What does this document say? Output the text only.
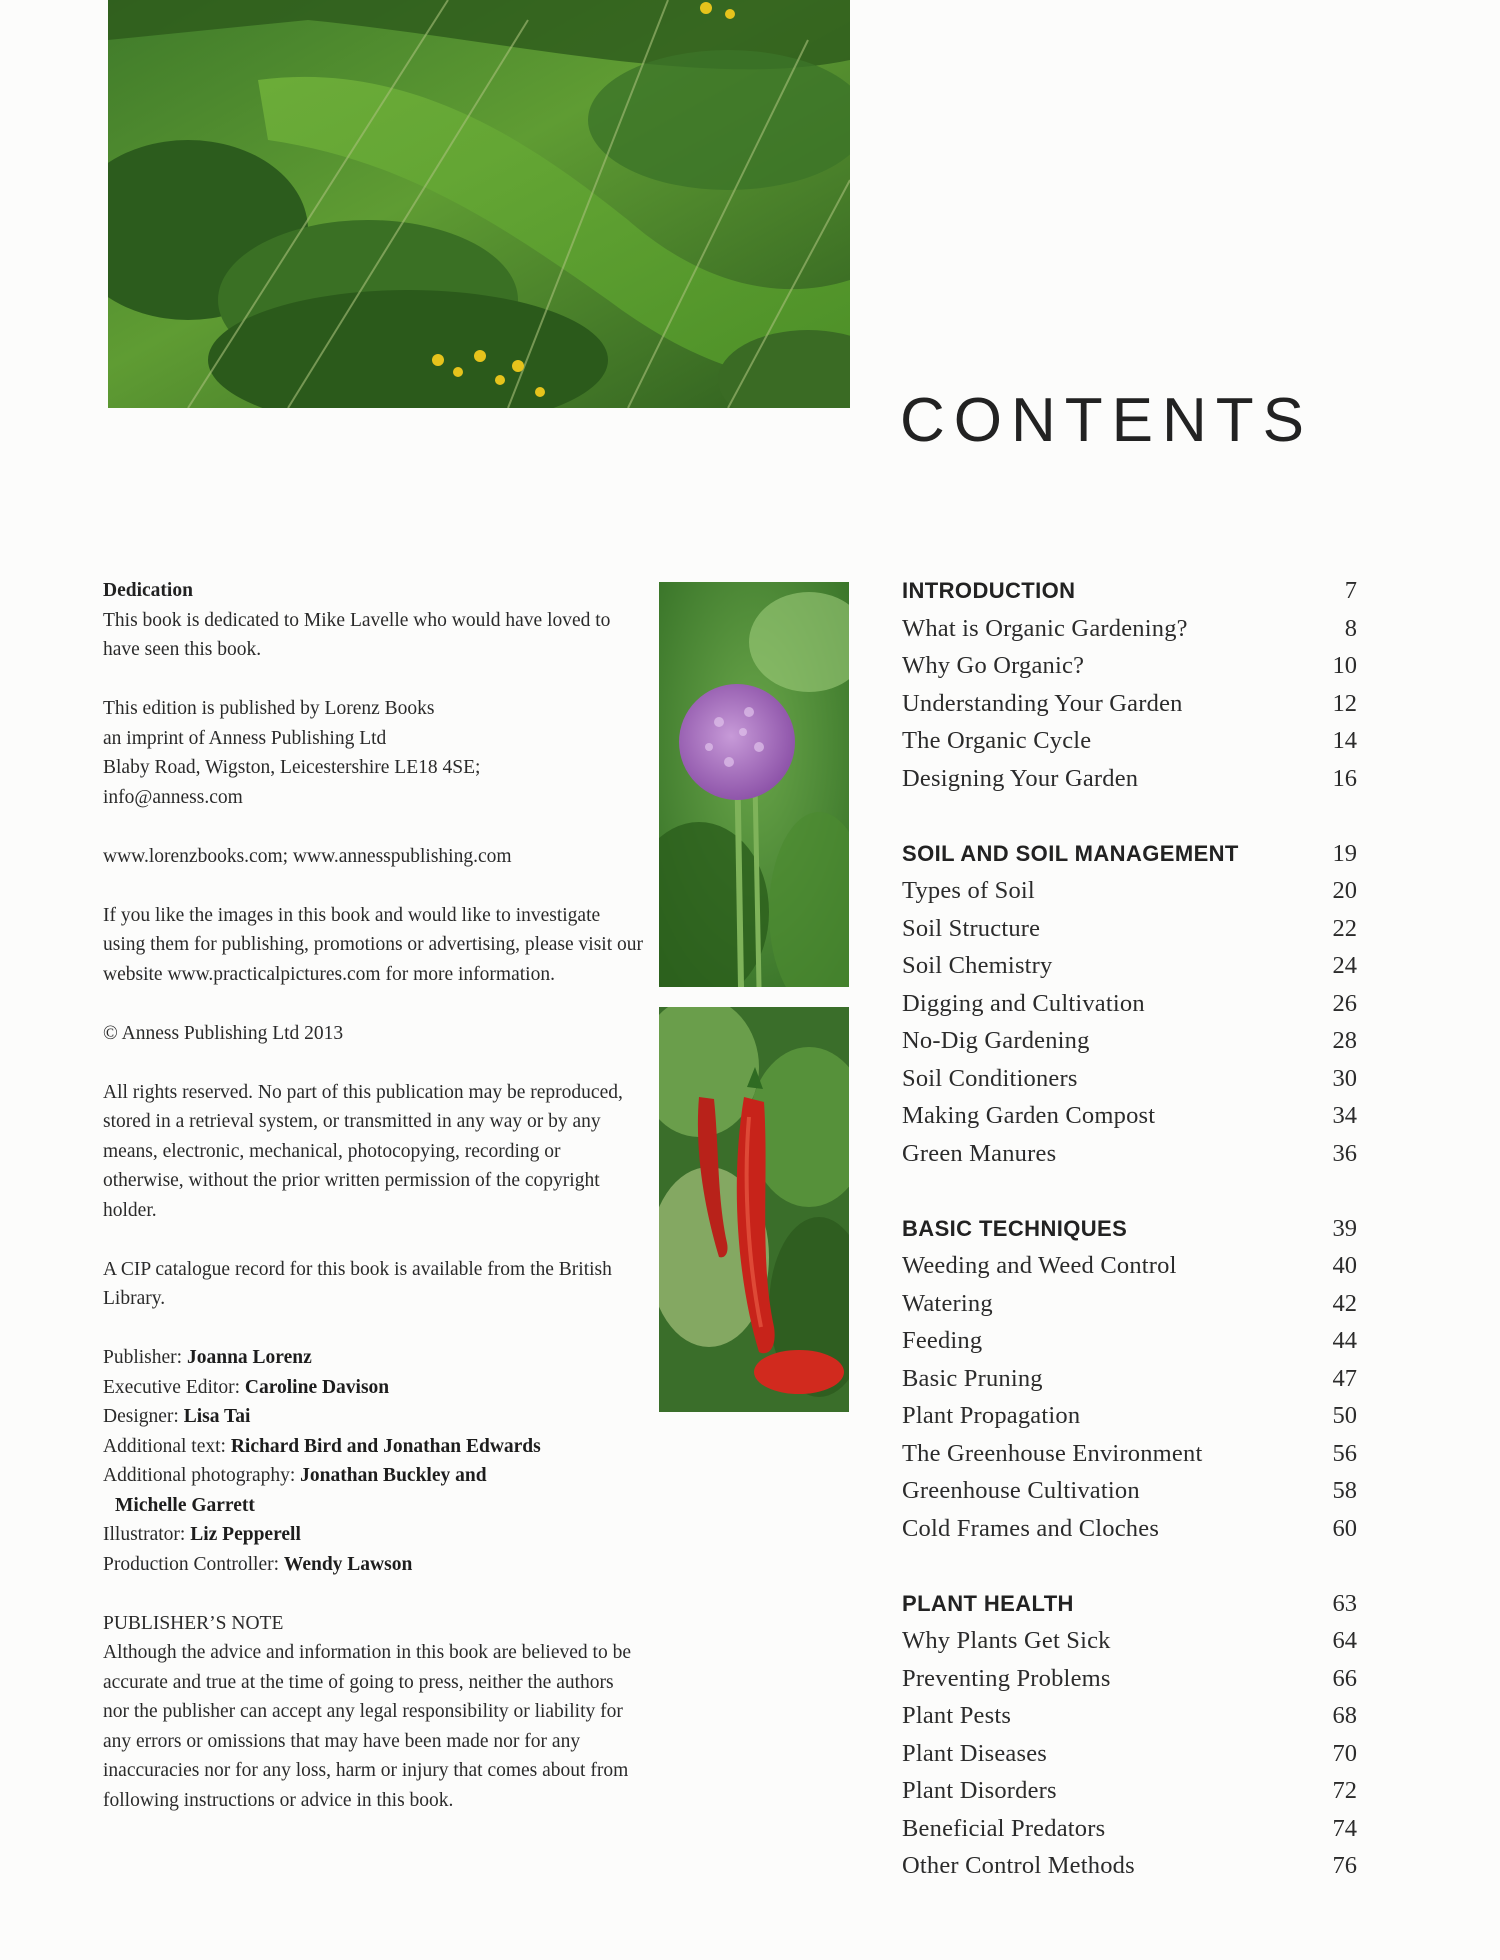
CONTENTS
Dedication

This book is dedicated to Mike Lavelle who would have loved to have seen this book.

This edition is published by Lorenz Books
an imprint of Anness Publishing Ltd
Blaby Road, Wigston, Leicestershire LE18 4SE;
info@anness.com

www.lorenzbooks.com; www.annesspublishing.com

If you like the images in this book and would like to investigate using them for publishing, promotions or advertising, please visit our website www.practicalpictures.com for more information.

© Anness Publishing Ltd 2013

All rights reserved. No part of this publication may be reproduced, stored in a retrieval system, or transmitted in any way or by any means, electronic, mechanical, photocopying, recording or otherwise, without the prior written permission of the copyright holder.

A CIP catalogue record for this book is available from the British Library.

Publisher: Joanna Lorenz
Executive Editor: Caroline Davison
Designer: Lisa Tai
Additional text: Richard Bird and Jonathan Edwards
Additional photography: Jonathan Buckley and
Michelle Garrett
Illustrator: Liz Pepperell
Production Controller: Wendy Lawson
PUBLISHER’S NOTE

Although the advice and information in this book are believed to be accurate and true at the time of going to press, neither the authors nor the publisher can accept any legal responsibility or liability for any errors or omissions that may have been made nor for any inaccuracies nor for any loss, harm or injury that comes about from following instructions or advice in this book.

INTRODUCTION	7
What is Organic Gardening?	8
Why Go Organic?	10
Understanding Your Garden	12
The Organic Cycle	14
Designing Your Garden	16
SOIL AND SOIL MANAGEMENT	19
Types of Soil	20
Soil Structure	22
Soil Chemistry	24
Digging and Cultivation	26
No-Dig Gardening	28
Soil Conditioners	30
Making Garden Compost	34
Green Manures	36
BASIC TECHNIQUES	39
Weeding and Weed Control	40
Watering	42
Feeding	44
Basic Pruning	47
Plant Propagation	50
The Greenhouse Environment	56
Greenhouse Cultivation	58
Cold Frames and Cloches	60
PLANT HEALTH	63
Why Plants Get Sick	64
Preventing Problems	66
Plant Pests	68
Plant Diseases	70
Plant Disorders	72
Beneficial Predators	74
Other Control Methods	76
